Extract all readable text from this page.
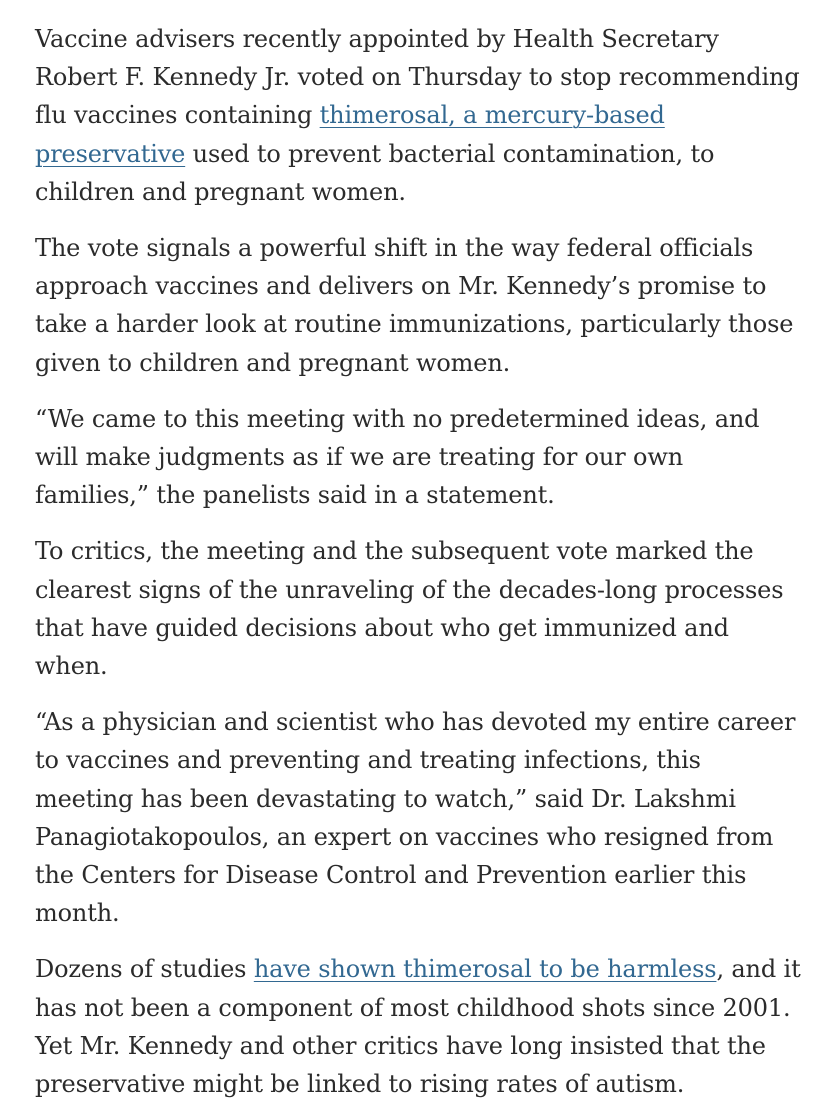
Vaccine advisers recently appointed by Health Secretary Robert F. Kennedy Jr. voted on Thursday to stop recommending flu vaccines containing thimerosal, a mercury-based preservative used to prevent bacterial contamination, to children and pregnant women.

The vote signals a powerful shift in the way federal officials approach vaccines and delivers on Mr. Kennedy’s promise to take a harder look at routine immunizations, particularly those given to children and pregnant women.

“We came to this meeting with no predetermined ideas, and will make judgments as if we are treating for our own families,” the panelists said in a statement.

To critics, the meeting and the subsequent vote marked the clearest signs of the unraveling of the decades-long processes that have guided decisions about who get immunized and when.

“As a physician and scientist who has devoted my entire career to vaccines and preventing and treating infections, this meeting has been devastating to watch,” said Dr. Lakshmi Panagiotakopoulos, an expert on vaccines who resigned from the Centers for Disease Control and Prevention earlier this month.

Dozens of studies have shown thimerosal to be harmless, and it has not been a component of most childhood shots since 2001. Yet Mr. Kennedy and other critics have long insisted that the preservative might be linked to rising rates of autism.
